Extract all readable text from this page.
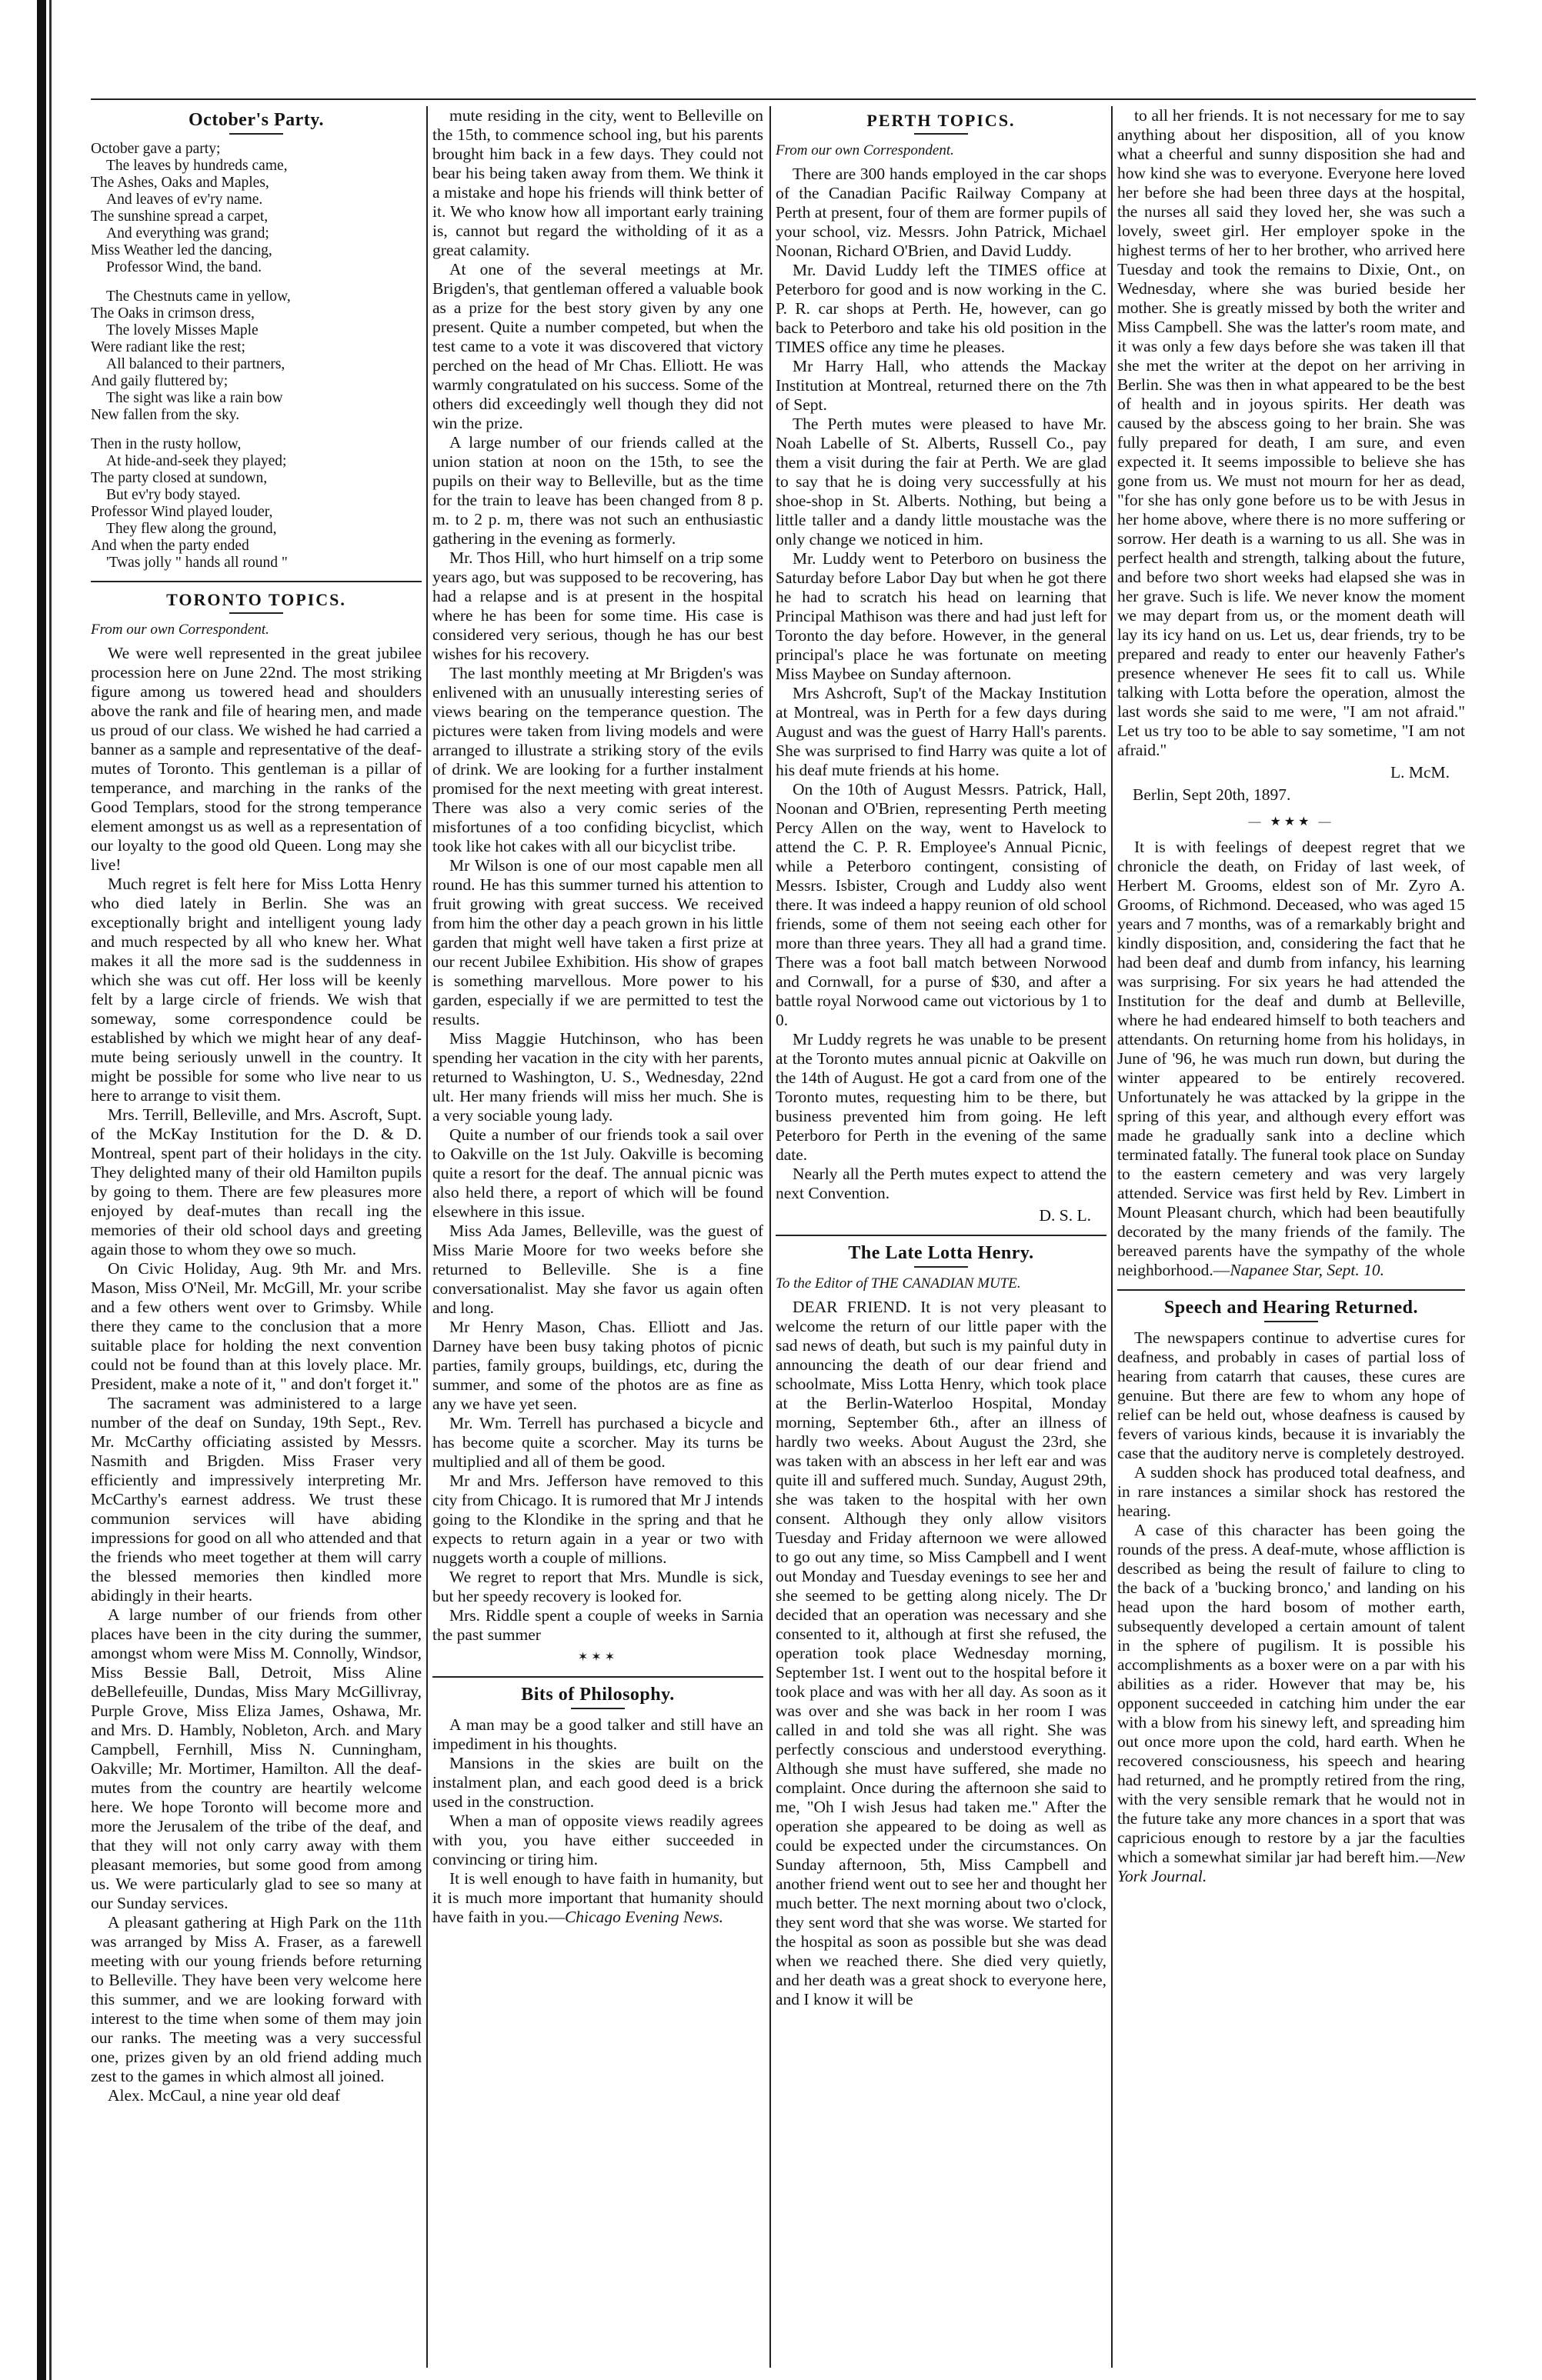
October's Party.

October gave a party;

The leaves by hundreds came,

The Ashes, Oaks and Maples,

And leaves of ev'ry name.

The sunshine spread a carpet,

And everything was grand;

Miss Weather led the dancing,

Professor Wind, the band.

The Chestnuts came in yellow,

The Oaks in crimson dress,

The lovely Misses Maple

Were radiant like the rest;

All balanced to their partners,

And gaily fluttered by;

The sight was like a rain bow

New fallen from the sky.

Then in the rusty hollow,

At hide-and-seek they played;

The party closed at sundown,

But ev'ry body stayed.

Professor Wind played louder,

They flew along the ground,

And when the party ended

'Twas jolly " hands all round "

TORONTO TOPICS.
From our own Correspondent.

We were well represented in the great jubilee procession here on June 22nd. The most striking figure among us towered head and shoulders above the rank and file of hearing men, and made us proud of our class. We wished he had carried a banner as a sample and representative of the deaf-mutes of Toronto. This gentleman is a pillar of temperance, and marching in the ranks of the Good Templars, stood for the strong temperance element amongst us as well as a representation of our loyalty to the good old Queen. Long may she live!

Much regret is felt here for Miss Lotta Henry who died lately in Berlin. She was an exceptionally bright and intelligent young lady and much respected by all who knew her. What makes it all the more sad is the suddenness in which she was cut off. Her loss will be keenly felt by a large circle of friends. We wish that someway, some correspondence could be established by which we might hear of any deaf-mute being seriously unwell in the country. It might be possible for some who live near to us here to arrange to visit them.

Mrs. Terrill, Belleville, and Mrs. Ascroft, Supt. of the McKay Institution for the D. & D. Montreal, spent part of their holidays in the city. They delighted many of their old Hamilton pupils by going to them. There are few pleasures more enjoyed by deaf-mutes than recall ing the memories of their old school days and greeting again those to whom they owe so much.

On Civic Holiday, Aug. 9th Mr. and Mrs. Mason, Miss O'Neil, Mr. McGill, Mr. your scribe and a few others went over to Grimsby. While there they came to the conclusion that a more suitable place for holding the next convention could not be found than at this lovely place. Mr. President, make a note of it, " and don't forget it."

The sacrament was administered to a large number of the deaf on Sunday, 19th Sept., Rev. Mr. McCarthy officiating assisted by Messrs. Nasmith and Brigden. Miss Fraser very efficiently and impressively interpreting Mr. McCarthy's earnest address. We trust these communion services will have abiding impressions for good on all who attended and that the friends who meet together at them will carry the blessed memories then kindled more abidingly in their hearts.

A large number of our friends from other places have been in the city during the summer, amongst whom were Miss M. Connolly, Windsor, Miss Bessie Ball, Detroit, Miss Aline deBellefeuille, Dundas, Miss Mary McGillivray, Purple Grove, Miss Eliza James, Oshawa, Mr. and Mrs. D. Hambly, Nobleton, Arch. and Mary Campbell, Fernhill, Miss N. Cunningham, Oakville; Mr. Mortimer, Hamilton. All the deaf-mutes from the country are heartily welcome here. We hope Toronto will become more and more the Jerusalem of the tribe of the deaf, and that they will not only carry away with them pleasant memories, but some good from among us. We were particularly glad to see so many at our Sunday services.

A pleasant gathering at High Park on the 11th was arranged by Miss A. Fraser, as a farewell meeting with our young friends before returning to Belleville. They have been very welcome here this summer, and we are looking forward with interest to the time when some of them may join our ranks. The meeting was a very successful one, prizes given by an old friend adding much zest to the games in which almost all joined.

Alex. McCaul, a nine year old deaf

mute residing in the city, went to Belleville on the 15th, to commence school ing, but his parents brought him back in a few days. They could not bear his being taken away from them. We think it a mistake and hope his friends will think better of it. We who know how all important early training is, cannot but regard the witholding of it as a great calamity.

At one of the several meetings at Mr. Brigden's, that gentleman offered a valuable book as a prize for the best story given by any one present. Quite a number competed, but when the test came to a vote it was discovered that victory perched on the head of Mr Chas. Elliott. He was warmly congratulated on his success. Some of the others did exceedingly well though they did not win the prize.

A large number of our friends called at the union station at noon on the 15th, to see the pupils on their way to Belleville, but as the time for the train to leave has been changed from 8 p. m. to 2 p. m, there was not such an enthusiastic gathering in the evening as formerly.

Mr. Thos Hill, who hurt himself on a trip some years ago, but was supposed to be recovering, has had a relapse and is at present in the hospital where he has been for some time. His case is considered very serious, though he has our best wishes for his recovery.

The last monthly meeting at Mr Brigden's was enlivened with an unusually interesting series of views bearing on the temperance question. The pictures were taken from living models and were arranged to illustrate a striking story of the evils of drink. We are looking for a further instalment promised for the next meeting with great interest. There was also a very comic series of the misfortunes of a too confiding bicyclist, which took like hot cakes with all our bicyclist tribe.

Mr Wilson is one of our most capable men all round. He has this summer turned his attention to fruit growing with great success. We received from him the other day a peach grown in his little garden that might well have taken a first prize at our recent Jubilee Exhibition. His show of grapes is something marvellous. More power to his garden, especially if we are permitted to test the results.

Miss Maggie Hutchinson, who has been spending her vacation in the city with her parents, returned to Washington, U. S., Wednesday, 22nd ult. Her many friends will miss her much. She is a very sociable young lady.

Quite a number of our friends took a sail over to Oakville on the 1st July. Oakville is becoming quite a resort for the deaf. The annual picnic was also held there, a report of which will be found elsewhere in this issue.

Miss Ada James, Belleville, was the guest of Miss Marie Moore for two weeks before she returned to Belleville. She is a fine conversationalist. May she favor us again often and long.

Mr Henry Mason, Chas. Elliott and Jas. Darney have been busy taking photos of picnic parties, family groups, buildings, etc, during the summer, and some of the photos are as fine as any we have yet seen.

Mr. Wm. Terrell has purchased a bicycle and has become quite a scorcher. May its turns be multiplied and all of them be good.

Mr and Mrs. Jefferson have removed to this city from Chicago. It is rumored that Mr J intends going to the Klondike in the spring and that he expects to return again in a year or two with nuggets worth a couple of millions.

We regret to report that Mrs. Mundle is sick, but her speedy recovery is looked for.

Mrs. Riddle spent a couple of weeks in Sarnia the past summer

✶✶✶
Bits of Philosophy.

A man may be a good talker and still have an impediment in his thoughts.

Mansions in the skies are built on the instalment plan, and each good deed is a brick used in the construction.

When a man of opposite views readily agrees with you, you have either succeeded in convincing or tiring him.

It is well enough to have faith in humanity, but it is much more important that humanity should have faith in you.—Chicago Evening News.

PERTH TOPICS.
From our own Correspondent.

There are 300 hands employed in the car shops of the Canadian Pacific Railway Company at Perth at present, four of them are former pupils of your school, viz. Messrs. John Patrick, Michael Noonan, Richard O'Brien, and David Luddy.

Mr. David Luddy left the TIMES office at Peterboro for good and is now working in the C. P. R. car shops at Perth. He, however, can go back to Peterboro and take his old position in the TIMES office any time he pleases.

Mr Harry Hall, who attends the Mackay Institution at Montreal, returned there on the 7th of Sept.

The Perth mutes were pleased to have Mr. Noah Labelle of St. Alberts, Russell Co., pay them a visit during the fair at Perth. We are glad to say that he is doing very successfully at his shoe-shop in St. Alberts. Nothing, but being a little taller and a dandy little moustache was the only change we noticed in him.

Mr. Luddy went to Peterboro on business the Saturday before Labor Day but when he got there he had to scratch his head on learning that Principal Mathison was there and had just left for Toronto the day before. However, in the general principal's place he was fortunate on meeting Miss Maybee on Sunday afternoon.

Mrs Ashcroft, Sup't of the Mackay Institution at Montreal, was in Perth for a few days during August and was the guest of Harry Hall's parents. She was surprised to find Harry was quite a lot of his deaf mute friends at his home.

On the 10th of August Messrs. Patrick, Hall, Noonan and O'Brien, representing Perth meeting Percy Allen on the way, went to Havelock to attend the C. P. R. Employee's Annual Picnic, while a Peterboro contingent, consisting of Messrs. Isbister, Crough and Luddy also went there. It was indeed a happy reunion of old school friends, some of them not seeing each other for more than three years. They all had a grand time. There was a foot ball match between Norwood and Cornwall, for a purse of $30, and after a battle royal Norwood came out victorious by 1 to 0.

Mr Luddy regrets he was unable to be present at the Toronto mutes annual picnic at Oakville on the 14th of August. He got a card from one of the Toronto mutes, requesting him to be there, but business prevented him from going. He left Peterboro for Perth in the evening of the same date.

Nearly all the Perth mutes expect to attend the next Convention.

D. S. L.
The Late Lotta Henry.
To the Editor of THE CANADIAN MUTE.

DEAR FRIEND. It is not very pleasant to welcome the return of our little paper with the sad news of death, but such is my painful duty in announcing the death of our dear friend and schoolmate, Miss Lotta Henry, which took place at the Berlin-Waterloo Hospital, Monday morning, September 6th., after an illness of hardly two weeks. About August the 23rd, she was taken with an abscess in her left ear and was quite ill and suffered much. Sunday, August 29th, she was taken to the hospital with her own consent. Although they only allow visitors Tuesday and Friday afternoon we were allowed to go out any time, so Miss Campbell and I went out Monday and Tuesday evenings to see her and she seemed to be getting along nicely. The Dr decided that an operation was necessary and she consented to it, although at first she refused, the operation took place Wednesday morning, September 1st. I went out to the hospital before it took place and was with her all day. As soon as it was over and she was back in her room I was called in and told she was all right. She was perfectly conscious and understood everything. Although she must have suffered, she made no complaint. Once during the afternoon she said to me, "Oh I wish Jesus had taken me." After the operation she appeared to be doing as well as could be expected under the circumstances. On Sunday afternoon, 5th, Miss Campbell and another friend went out to see her and thought her much better. The next morning about two o'clock, they sent word that she was worse. We started for the hospital as soon as possible but she was dead when we reached there. She died very quietly, and her death was a great shock to everyone here, and I know it will be

to all her friends. It is not necessary for me to say anything about her disposition, all of you know what a cheerful and sunny disposition she had and how kind she was to everyone. Everyone here loved her before she had been three days at the hospital, the nurses all said they loved her, she was such a lovely, sweet girl. Her employer spoke in the highest terms of her to her brother, who arrived here Tuesday and took the remains to Dixie, Ont., on Wednesday, where she was buried beside her mother. She is greatly missed by both the writer and Miss Campbell. She was the latter's room mate, and it was only a few days before she was taken ill that she met the writer at the depot on her arriving in Berlin. She was then in what appeared to be the best of health and in joyous spirits. Her death was caused by the abscess going to her brain. She was fully prepared for death, I am sure, and even expected it. It seems impossible to believe she has gone from us. We must not mourn for her as dead, "for she has only gone before us to be with Jesus in her home above, where there is no more suffering or sorrow. Her death is a warning to us all. She was in perfect health and strength, talking about the future, and before two short weeks had elapsed she was in her grave. Such is life. We never know the moment we may depart from us, or the moment death will lay its icy hand on us. Let us, dear friends, try to be prepared and ready to enter our heavenly Father's presence whenever He sees fit to call us. While talking with Lotta before the operation, almost the last words she said to me were, "I am not afraid." Let us try too to be able to say sometime, "I am not afraid."

L. McM.
Berlin, Sept 20th, 1897.
— ★★★ —

It is with feelings of deepest regret that we chronicle the death, on Friday of last week, of Herbert M. Grooms, eldest son of Mr. Zyro A. Grooms, of Richmond. Deceased, who was aged 15 years and 7 months, was of a remarkably bright and kindly disposition, and, considering the fact that he had been deaf and dumb from infancy, his learning was surprising. For six years he had attended the Institution for the deaf and dumb at Belleville, where he had endeared himself to both teachers and attendants. On returning home from his holidays, in June of '96, he was much run down, but during the winter appeared to be entirely recovered. Unfortunately he was attacked by la grippe in the spring of this year, and although every effort was made he gradually sank into a decline which terminated fatally. The funeral took place on Sunday to the eastern cemetery and was very largely attended. Service was first held by Rev. Limbert in Mount Pleasant church, which had been beautifully decorated by the many friends of the family. The bereaved parents have the sympathy of the whole neighborhood.—Napanee Star, Sept. 10.

Speech and Hearing Returned.

The newspapers continue to advertise cures for deafness, and probably in cases of partial loss of hearing from catarrh that causes, these cures are genuine. But there are few to whom any hope of relief can be held out, whose deafness is caused by fevers of various kinds, because it is invariably the case that the auditory nerve is completely destroyed.

A sudden shock has produced total deafness, and in rare instances a similar shock has restored the hearing.

A case of this character has been going the rounds of the press. A deaf-mute, whose affliction is described as being the result of failure to cling to the back of a 'bucking bronco,' and landing on his head upon the hard bosom of mother earth, subsequently developed a certain amount of talent in the sphere of pugilism. It is possible his accomplishments as a boxer were on a par with his abilities as a rider. However that may be, his opponent succeeded in catching him under the ear with a blow from his sinewy left, and spreading him out once more upon the cold, hard earth. When he recovered consciousness, his speech and hearing had returned, and he promptly retired from the ring, with the very sensible remark that he would not in the future take any more chances in a sport that was capricious enough to restore by a jar the faculties which a somewhat similar jar had bereft him.—New York Journal.
